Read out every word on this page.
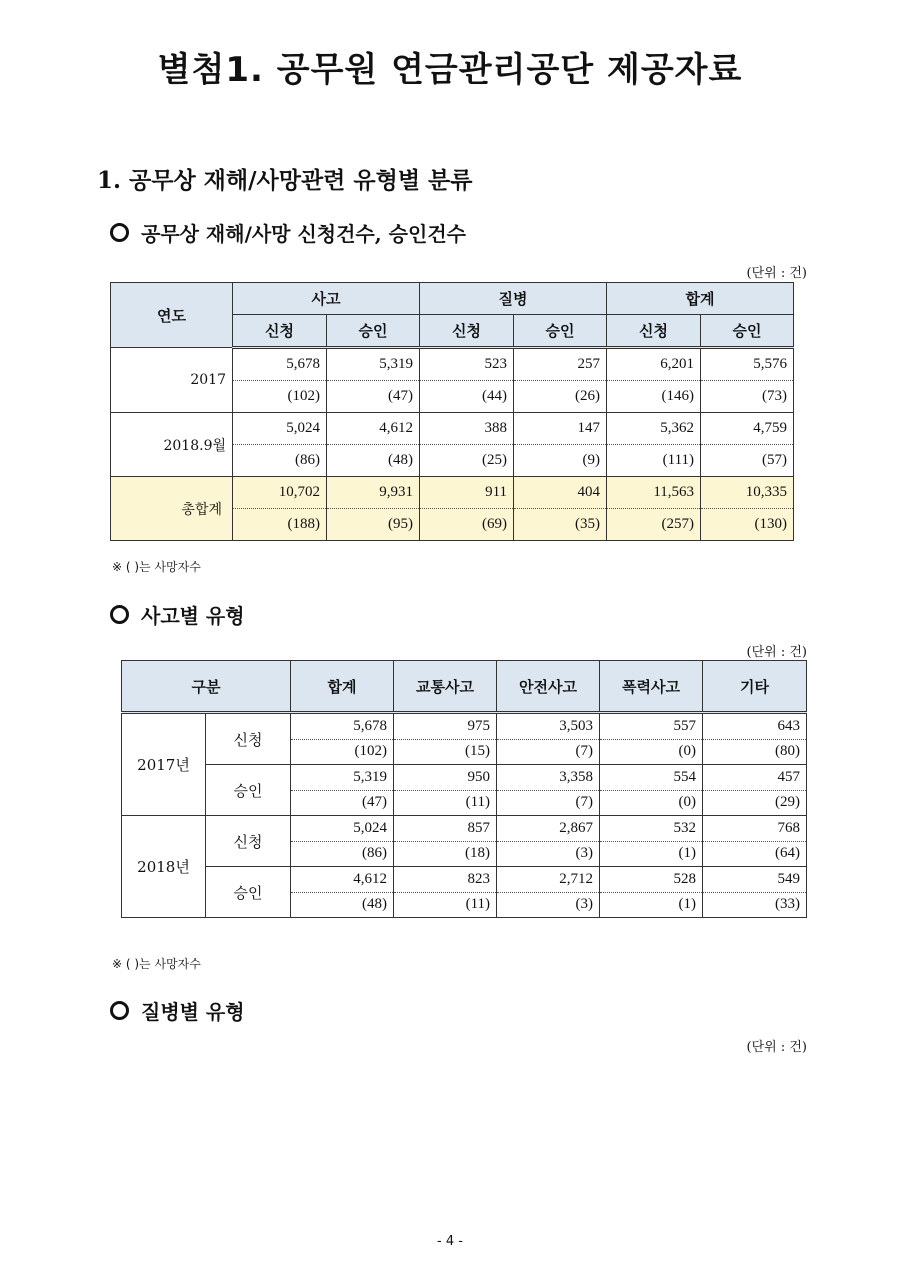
별첨1. 공무원 연금관리공단 제공자료
1. 공무상 재해/사망관련 유형별 분류
공무상 재해/사망 신청건수, 승인건수
(단위 : 건)
연도	사고		질병		합계	
	신청	승인	신청	승인	신청	승인
2017	5,678	5,319	523	257	6,201	5,576
	(102)	(47)	(44)	(26)	(146)	(73)
2018.9월	5,024	4,612	388	147	5,362	4,759
	(86)	(48)	(25)	(9)	(111)	(57)
총합계	10,702	9,931	911	404	11,563	10,335
	(188)	(95)	(69)	(35)	(257)	(130)
※ ( )는 사망자수
사고별 유형
(단위 : 건)
구분		합계	교통사고	안전사고	폭력사고	기타
2017년	신청	5,678	975	3,503	557	643
		(102)	(15)	(7)	(0)	(80)
	승인	5,319	950	3,358	554	457
		(47)	(11)	(7)	(0)	(29)
2018년	신청	5,024	857	2,867	532	768
		(86)	(18)	(3)	(1)	(64)
	승인	4,612	823	2,712	528	549
		(48)	(11)	(3)	(1)	(33)
※ ( )는 사망자수
질병별 유형
(단위 : 건)
- 4 -
